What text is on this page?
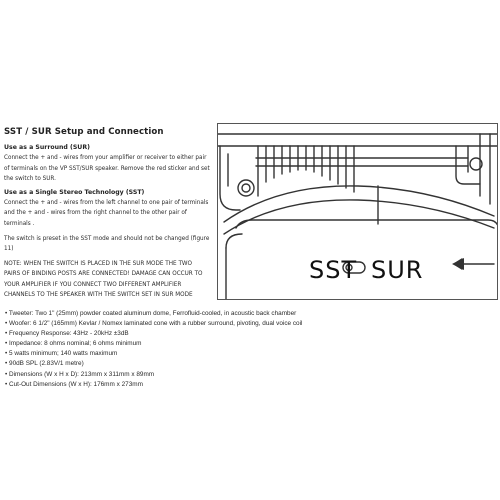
SST / SUR Setup and Connection
Use as a Surround (SUR)
Connect the + and - wires from your amplifier or receiver to either pair of terminals on the VP SST/SUR speaker. Remove the red sticker and set the switch to SUR.
Use as a Single Stereo Technology (SST)
Connect the + and - wires from the left channel to one pair of terminals and the + and - wires from the right channel to the other pair of terminals .
The switch is preset in the SST mode and should not be changed (figure 11)
NOTE: WHEN THE SWITCH IS PLACED IN THE SUR MODE THE TWO PAIRS OF BINDING POSTS ARE CONNECTED! DAMAGE CAN OCCUR TO YOUR AMPLIFIER IF YOU CONNECT TWO DIFFERENT AMPLIFIER CHANNELS TO THE SPEAKER WITH THE SWITCH SET IN SUR MODE
SST SUR
• Tweeter: Two 1" (25mm) powder coated aluminum dome, Ferrofluid-cooled, in acoustic back chamber
• Woofer: 6 1/2" (165mm) Kevlar / Nomex laminated cone with a rubber surround, pivoting, dual voice coil
• Frequency Response: 43Hz - 20kHz ±3dB
• Impedance: 8 ohms nominal; 6 ohms minimum
• 5 watts minimum; 140 watts maximum
• 90dB SPL (2.83V/1 metre)
• Dimensions (W x H x D): 213mm x 311mm x 89mm
• Cut-Out Dimensions (W x H): 176mm x 273mm
